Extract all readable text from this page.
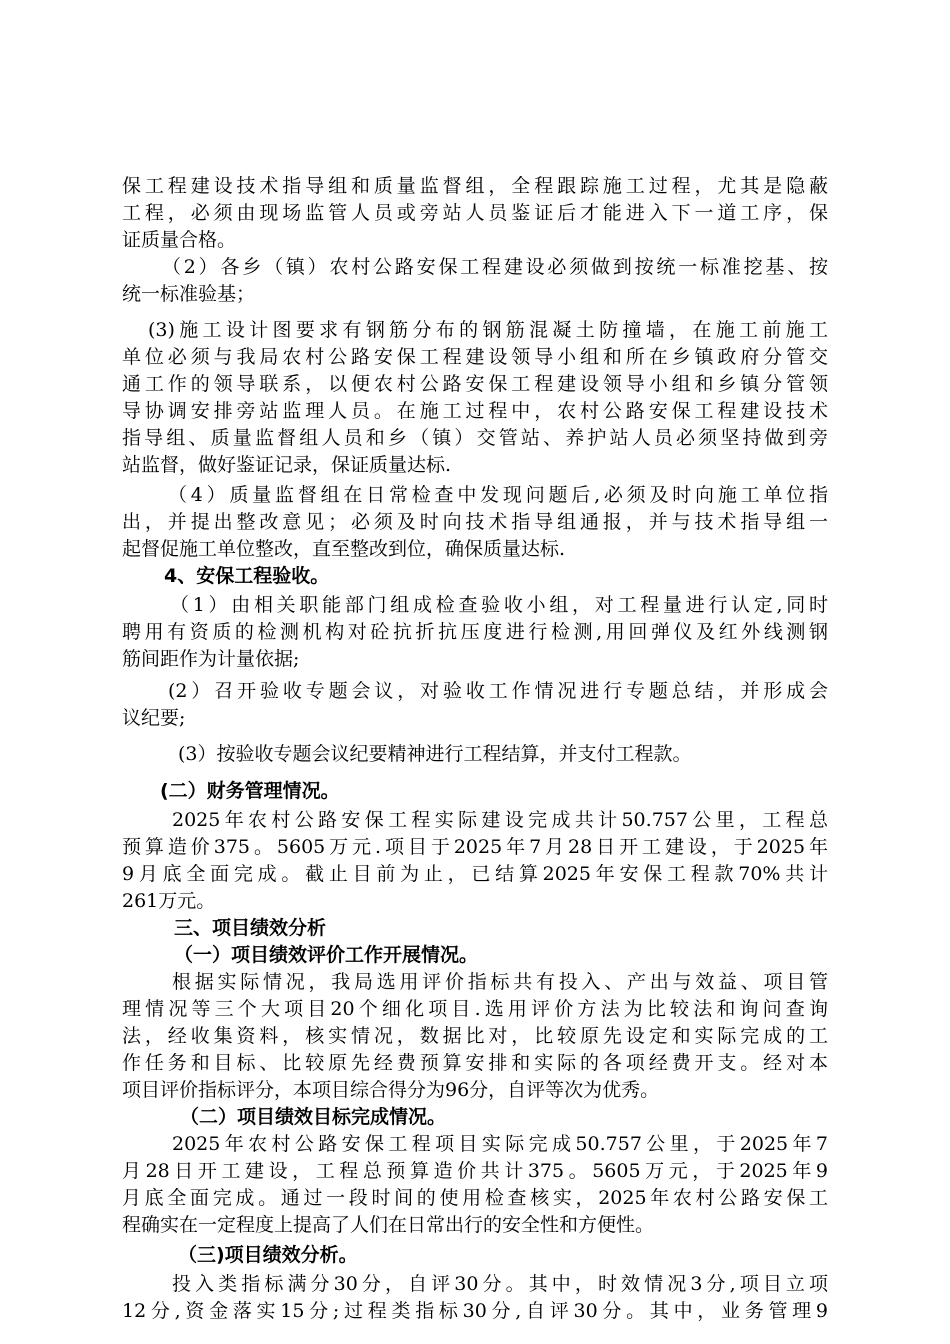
保工程建设技术指导组和质量监督组，全程跟踪施工过程，尤其是隐蔽
工程，必须由现场监管人员或旁站人员鉴证后才能进入下一道工序，保
证质量合格。
（2）各乡（镇）农村公路安保工程建设必须做到按统一标准挖基、按
统一标准验基；
(3)施工设计图要求有钢筋分布的钢筋混凝土防撞墙，在施工前施工
单位必须与我局农村公路安保工程建设领导小组和所在乡镇政府分管交
通工作的领导联系，以便农村公路安保工程建设领导小组和乡镇分管领
导协调安排旁站监理人员。在施工过程中，农村公路安保工程建设技术
指导组、质量监督组人员和乡（镇）交管站、养护站人员必须坚持做到旁
站监督，做好鉴证记录，保证质量达标.
（4）质量监督组在日常检查中发现问题后,必须及时向施工单位指
出，并提出整改意见；必须及时向技术指导组通报，并与技术指导组一
起督促施工单位整改，直至整改到位，确保质量达标.
4、安保工程验收。
（1）由相关职能部门组成检查验收小组，对工程量进行认定,同时
聘用有资质的检测机构对砼抗折抗压度进行检测,用回弹仪及红外线测钢
筋间距作为计量依据;
(2）召开验收专题会议，对验收工作情况进行专题总结，并形成会
议纪要;
(3）按验收专题会议纪要精神进行工程结算，并支付工程款。
(二）财务管理情况。
2025年农村公路安保工程实际建设完成共计50.757公里，工程总
预算造价375。5605万元.项目于2025年7月28日开工建设，于2025年
9月底全面完成。截止目前为止，已结算2025年安保工程款70%共计
261万元。
三、项目绩效分析
（一）项目绩效评价工作开展情况。
根据实际情况，我局选用评价指标共有投入、产出与效益、项目管
理情况等三个大项目20个细化项目.选用评价方法为比较法和询问查询
法，经收集资料，核实情况，数据比对，比较原先设定和实际完成的工
作任务和目标、比较原先经费预算安排和实际的各项经费开支。经对本
项目评价指标评分，本项目综合得分为96分，自评等次为优秀。
（二）项目绩效目标完成情况。
2025年农村公路安保工程项目实际完成50.757公里，于2025年7
月28日开工建设，工程总预算造价共计375。5605万元，于2025年9
月底全面完成。通过一段时间的使用检查核实，2025年农村公路安保工
程确实在一定程度上提高了人们在日常出行的安全性和方便性。
（三)项目绩效分析。
投入类指标满分30分，自评30分。其中，时效情况3分,项目立项
12分,资金落实15分;过程类指标30分,自评30分。其中，业务管理9
